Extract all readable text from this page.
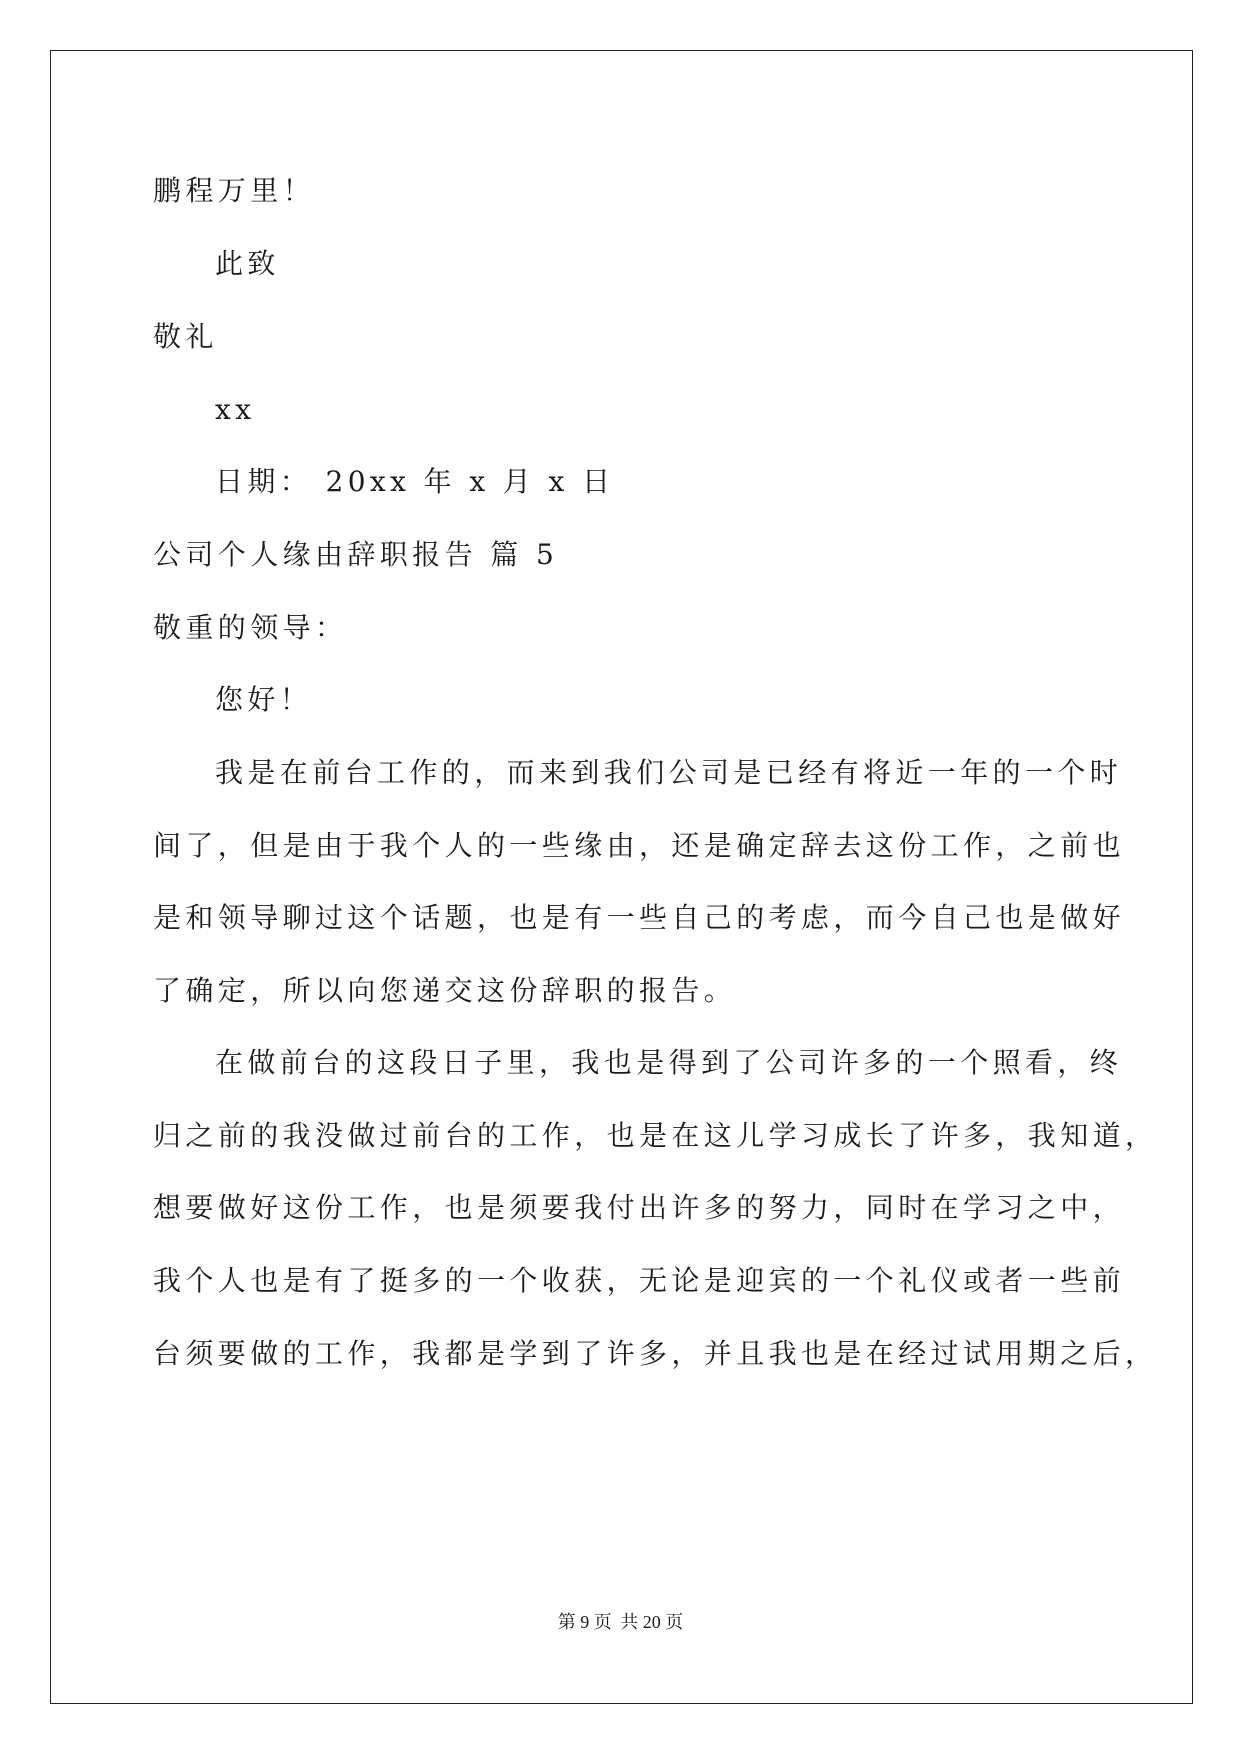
鹏程万里！
此致
敬礼
xx
日期： 20xx 年 x 月 x 日
公司个人缘由辞职报告 篇 5
敬重的领导：
您好！
我是在前台工作的，而来到我们公司是已经有将近一年的一个时
间了，但是由于我个人的一些缘由，还是确定辞去这份工作，之前也
是和领导聊过这个话题，也是有一些自己的考虑，而今自己也是做好
了确定，所以向您递交这份辞职的报告。
在做前台的这段日子里，我也是得到了公司许多的一个照看，终
归之前的我没做过前台的工作，也是在这儿学习成长了许多，我知道，
想要做好这份工作，也是须要我付出许多的努力，同时在学习之中，
我个人也是有了挺多的一个收获，无论是迎宾的一个礼仪或者一些前
台须要做的工作，我都是学到了许多，并且我也是在经过试用期之后，
第 9 页 共 20 页
